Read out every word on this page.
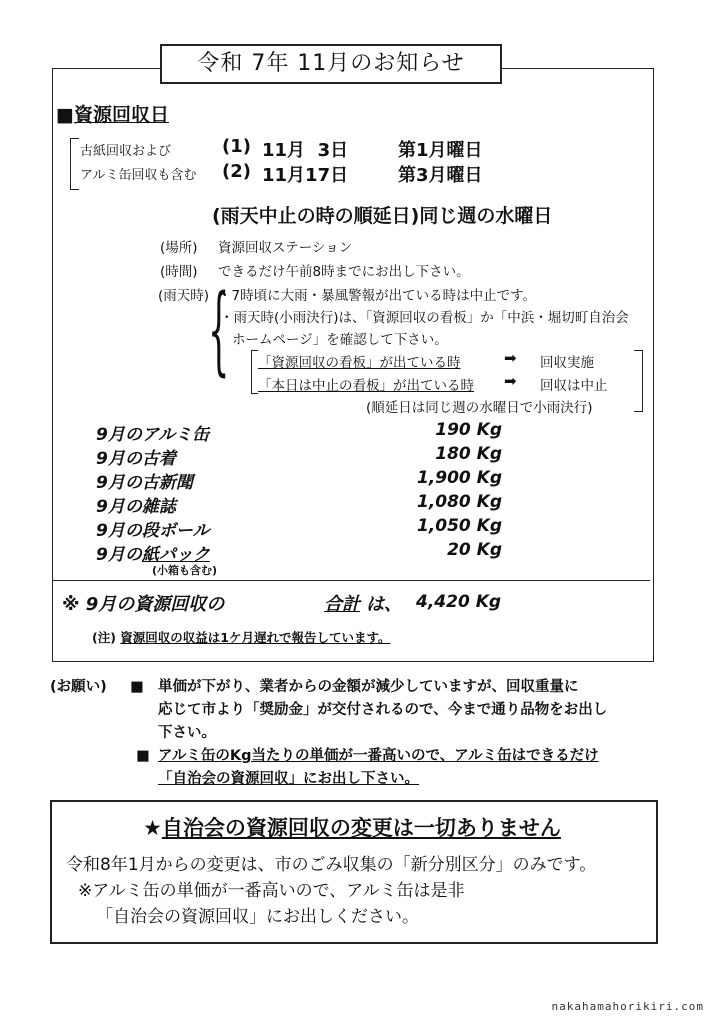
令和 7年 11月のお知らせ
■資源回収日
古紙回収および
アルミ缶回収も含む
(1) 11月  3日	第1月曜日
(2) 11月17日	第3月曜日
(雨天中止の時の順延日)同じ週の水曜日
(場所) 資源回収ステーション
(時間) できるだけ午前8時までにお出し下さい。
(雨天時) ・7時頃に大雨・暴風警報が出ている時は中止です。
・雨天時(小雨決行)は、「資源回収の看板」か「中浜・堀切町自治会
ホームページ」を確認して下さい。
{ 「資源回収の看板」が出ている時	➡ 回収実施
「本日は中止の看板」が出ている時 ➡ 回収は中止
(順延日は同じ週の水曜日で小雨決行)
9月のアルミ缶	190 Kg
9月の古着	180 Kg
9月の古新聞	1,900 Kg
9月の雑誌	1,080 Kg
9月の段ボール	1,050 Kg
9月の紙パック	20 Kg
(小箱も含む)
※ 9月の資源回収の	合計 は、 4,420 Kg
(注) 資源回収の収益は1ケ月遅れで報告しています。
(お願い) ■ 単価が下がり、業者からの金額が減少していますが、回収重量に
応じて市より「奨励金」が交付されるので、今まで通り品物をお出し
下さい。
■ アルミ缶のKg当たりの単価が一番高いので、アルミ缶はできるだけ
「自治会の資源回収」にお出し下さい。
★自治会の資源回収の変更は一切ありません
令和8年1月からの変更は、市のごみ収集の「新分別区分」のみです。
※アルミ缶の単価が一番高いので、アルミ缶は是非
「自治会の資源回収」にお出しください。
nakahamahorikiri.com
